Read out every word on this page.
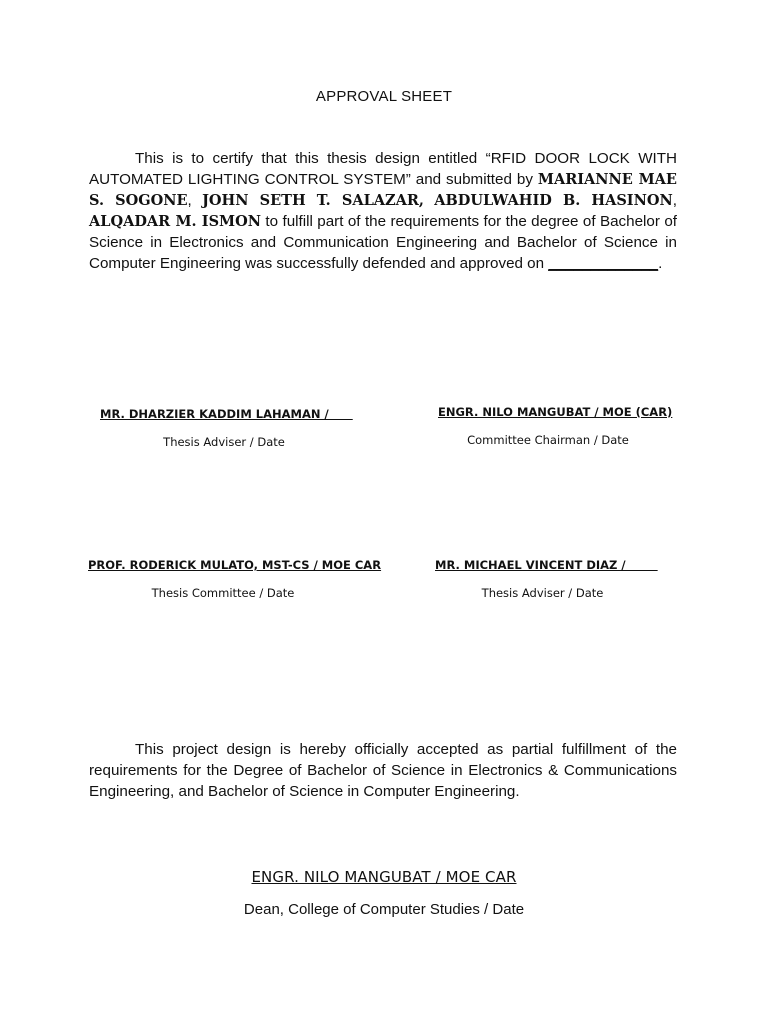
APPROVAL SHEET
This is to certify that this thesis design entitled “RFID DOOR LOCK WITH AUTOMATED LIGHTING CONTROL SYSTEM” and submitted by MARIANNE MAE S. SOGONE, JOHN SETH T. SALAZAR, ABDULWAHID B. HASINON, ALQADAR M. ISMON to fulfill part of the requirements for the degree of Bachelor of Science in Electronics and Communication Engineering and Bachelor of Science in Computer Engineering was successfully defended and approved on _____________.
MR. DHARZIER KADDIM LAHAMAN /
Thesis Adviser / Date
ENGR. NILO MANGUBAT / MOE (CAR)
Committee Chairman / Date
PROF. RODERICK MULATO, MST-CS / MOE CAR
Thesis Committee / Date
MR. MICHAEL VINCENT DIAZ /
Thesis Adviser / Date
This project design is hereby officially accepted as partial fulfillment of the requirements for the Degree of Bachelor of Science in Electronics & Communications Engineering, and Bachelor of Science in Computer Engineering.
ENGR. NILO MANGUBAT / MOE CAR
Dean, College of Computer Studies / Date
